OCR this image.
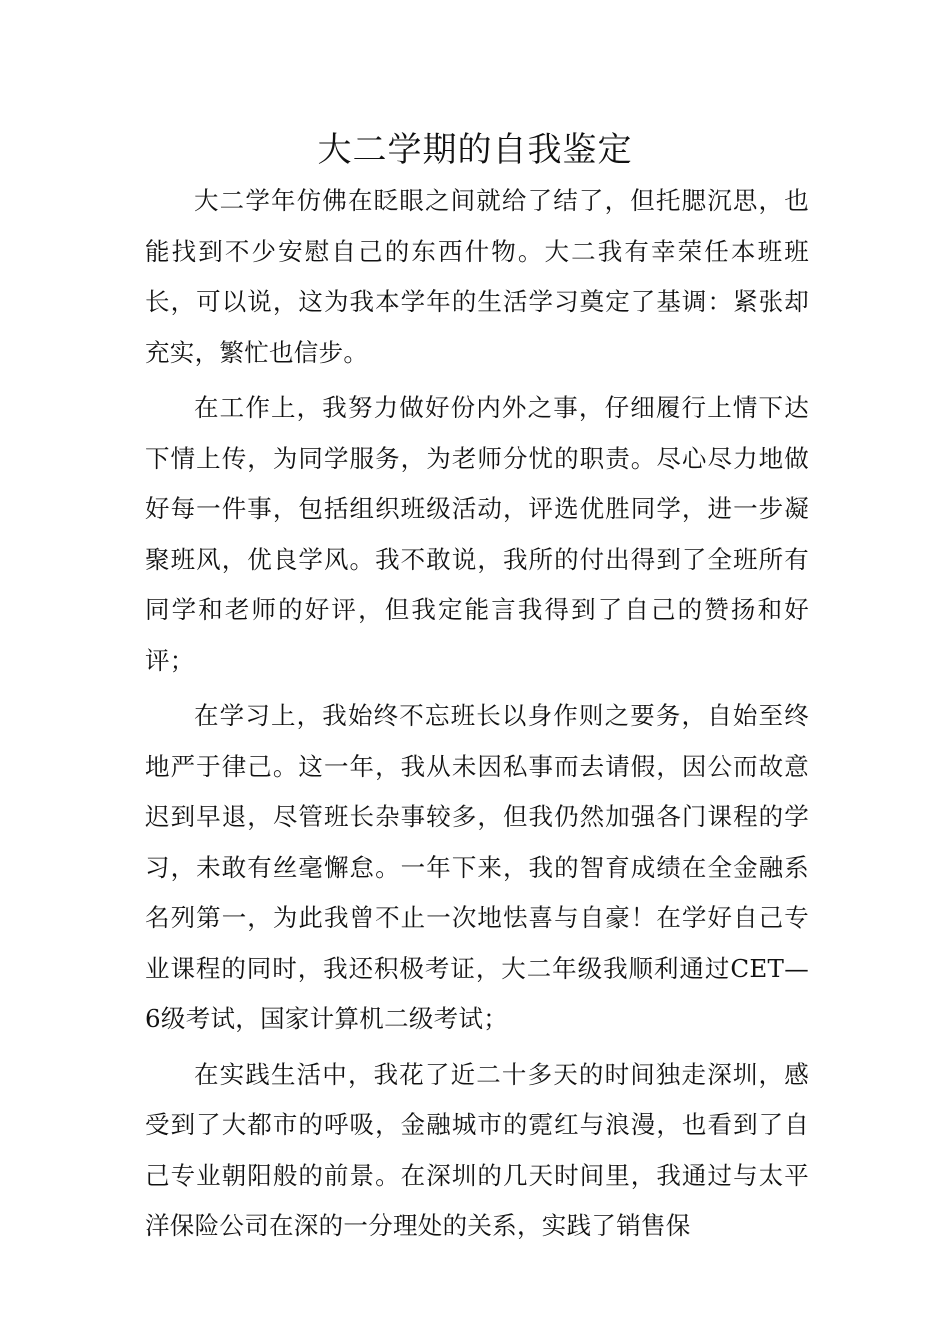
大二学期的自我鉴定

大二学年仿佛在眨眼之间就给了结了，但托腮沉思，也能找到不少安慰自己的东西什物。大二我有幸荣任本班班长，可以说，这为我本学年的生活学习奠定了基调：紧张却充实，繁忙也信步。

在工作上，我努力做好份内外之事，仔细履行上情下达下情上传，为同学服务，为老师分忧的职责。尽心尽力地做好每一件事，包括组织班级活动，评选优胜同学，进一步凝聚班风，优良学风。我不敢说，我所的付出得到了全班所有同学和老师的好评，但我定能言我得到了自己的赞扬和好评；

在学习上，我始终不忘班长以身作则之要务，自始至终地严于律己。这一年，我从未因私事而去请假，因公而故意迟到早退，尽管班长杂事较多，但我仍然加强各门课程的学习，未敢有丝毫懈怠。一年下来，我的智育成绩在全金融系名列第一，为此我曾不止一次地怯喜与自豪！在学好自己专业课程的同时，我还积极考证，大二年级我顺利通过CET—6级考试，国家计算机二级考试；

在实践生活中，我花了近二十多天的时间独走深圳，感受到了大都市的呼吸，金融城市的霓红与浪漫，也看到了自己专业朝阳般的前景。在深圳的几天时间里，我通过与太平洋保险公司在深的一分理处的关系，实践了销售保
